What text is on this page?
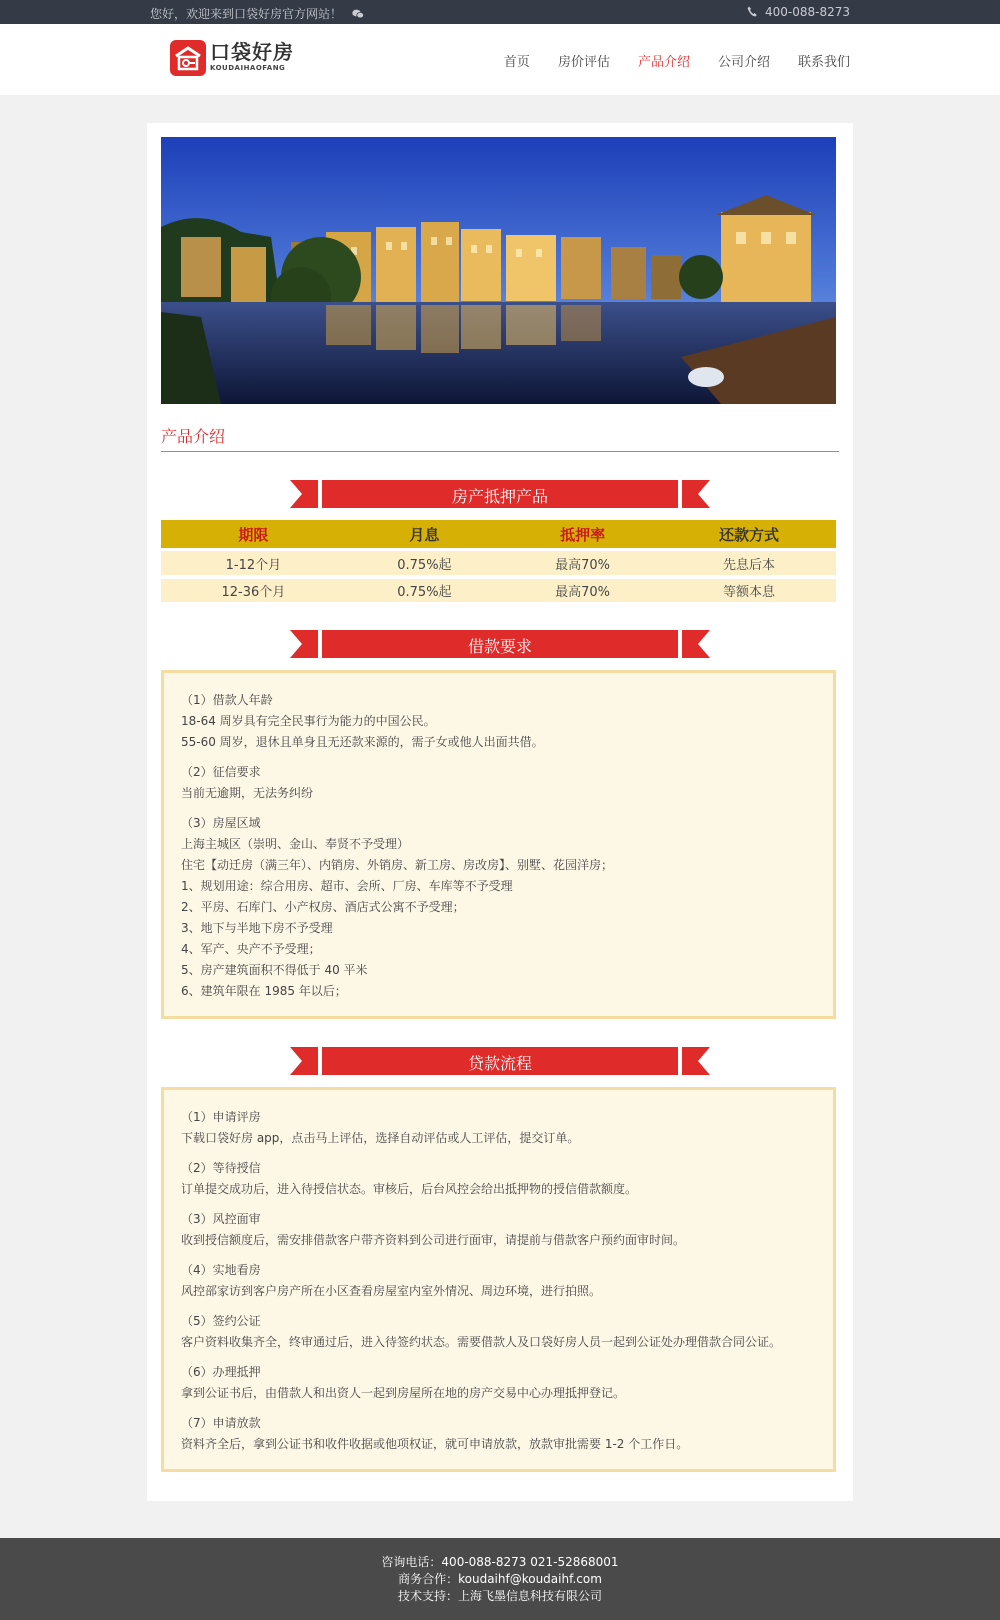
您好，欢迎来到口袋好房官方网站！	400-088-8273
口袋好房
KOUDAIHAOFANG	首页 房价评估 产品介绍 公司介绍 联系我们
产品介绍
房产抵押产品
期限	月息	抵押率	还款方式
1-12个月	0.75%起	最高70%	先息后本
12-36个月	0.75%起	最高70%	等额本息
借款要求

（1）借款人年龄

18-64 周岁具有完全民事行为能力的中国公民。

55-60 周岁，退休且单身且无还款来源的，需子女或他人出面共借。

（2）征信要求

当前无逾期，无法务纠纷

（3）房屋区域

上海主城区（崇明、金山、奉贤不予受理）

住宅【动迁房（满三年）、内销房、外销房、新工房、房改房】、别墅、花园洋房；

1、规划用途：综合用房、超市、会所、厂房、车库等不予受理

2、平房、石库门、小产权房、酒店式公寓不予受理；

3、地下与半地下房不予受理

4、军产、央产不予受理；

5、房产建筑面积不得低于 40 平米

6、建筑年限在 1985 年以后；

贷款流程

（1）申请评房

下载口袋好房 app，点击马上评估，选择自动评估或人工评估，提交订单。

（2）等待授信

订单提交成功后，进入待授信状态。审核后，后台风控会给出抵押物的授信借款额度。

（3）风控面审

收到授信额度后，需安排借款客户带齐资料到公司进行面审，请提前与借款客户预约面审时间。

（4）实地看房

风控部家访到客户房产所在小区查看房屋室内室外情况、周边环境，进行拍照。

（5）签约公证

客户资料收集齐全，终审通过后，进入待签约状态。需要借款人及口袋好房人员一起到公证处办理借款合同公证。

（6）办理抵押

拿到公证书后，由借款人和出资人一起到房屋所在地的房产交易中心办理抵押登记。

（7）申请放款

资料齐全后，拿到公证书和收件收据或他项权证，就可申请放款，放款审批需要 1-2 个工作日。

咨询电话：400-088-8273 021-52868001
商务合作：koudaihf@koudaihf.com
技术支持：上海飞墨信息科技有限公司
